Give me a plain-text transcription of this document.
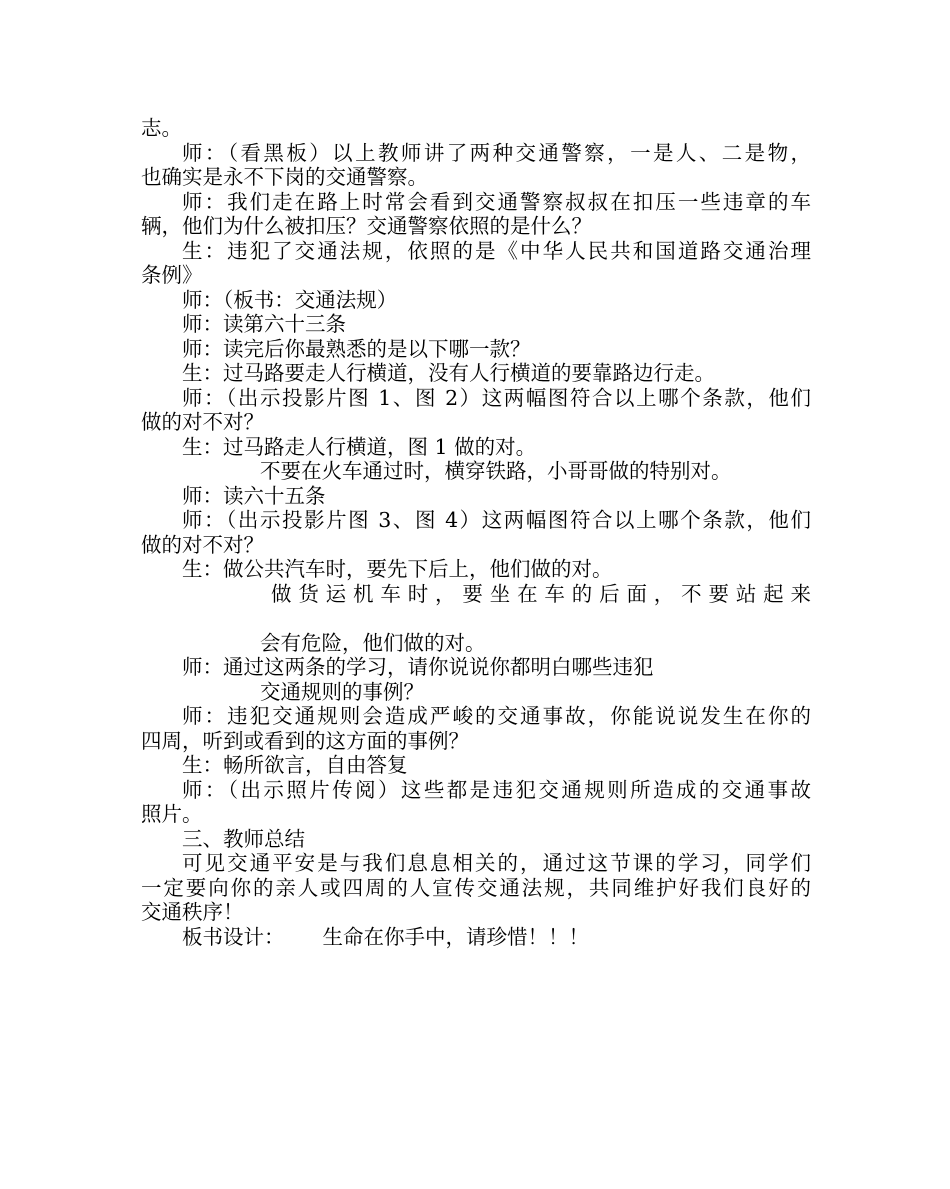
志。
师：（看黑板）以上教师讲了两种交通警察，一是人、二是物，
也确实是永不下岗的交通警察。
师：我们走在路上时常会看到交通警察叔叔在扣压一些违章的车
辆，他们为什么被扣压？交通警察依照的是什么？
生：违犯了交通法规，依照的是《中华人民共和国道路交通治理
条例》
师：（板书：交通法规）
师：读第六十三条
师：读完后你最熟悉的是以下哪一款？
生：过马路要走人行横道，没有人行横道的要靠路边行走。
师：（出示投影片图 1、图 2）这两幅图符合以上哪个条款，他们
做的对不对？
生：过马路走人行横道，图 1 做的对。
不要在火车通过时，横穿铁路，小哥哥做的特别对。
师：读六十五条
师：（出示投影片图 3、图 4）这两幅图符合以上哪个条款，他们
做的对不对？
生：做公共汽车时，要先下后上，他们做的对。
做货运机车时，要坐在车的后面，不要站起来
会有危险，他们做的对。
师：通过这两条的学习，请你说说你都明白哪些违犯
交通规则的事例？
师：违犯交通规则会造成严峻的交通事故，你能说说发生在你的
四周，听到或看到的这方面的事例？
生：畅所欲言，自由答复
师：（出示照片传阅）这些都是违犯交通规则所造成的交通事故
照片。
三、教师总结
可见交通平安是与我们息息相关的，通过这节课的学习，同学们
一定要向你的亲人或四周的人宣传交通法规，共同维护好我们良好的
交通秩序！
板书设计： 生命在你手中，请珍惜！！！
